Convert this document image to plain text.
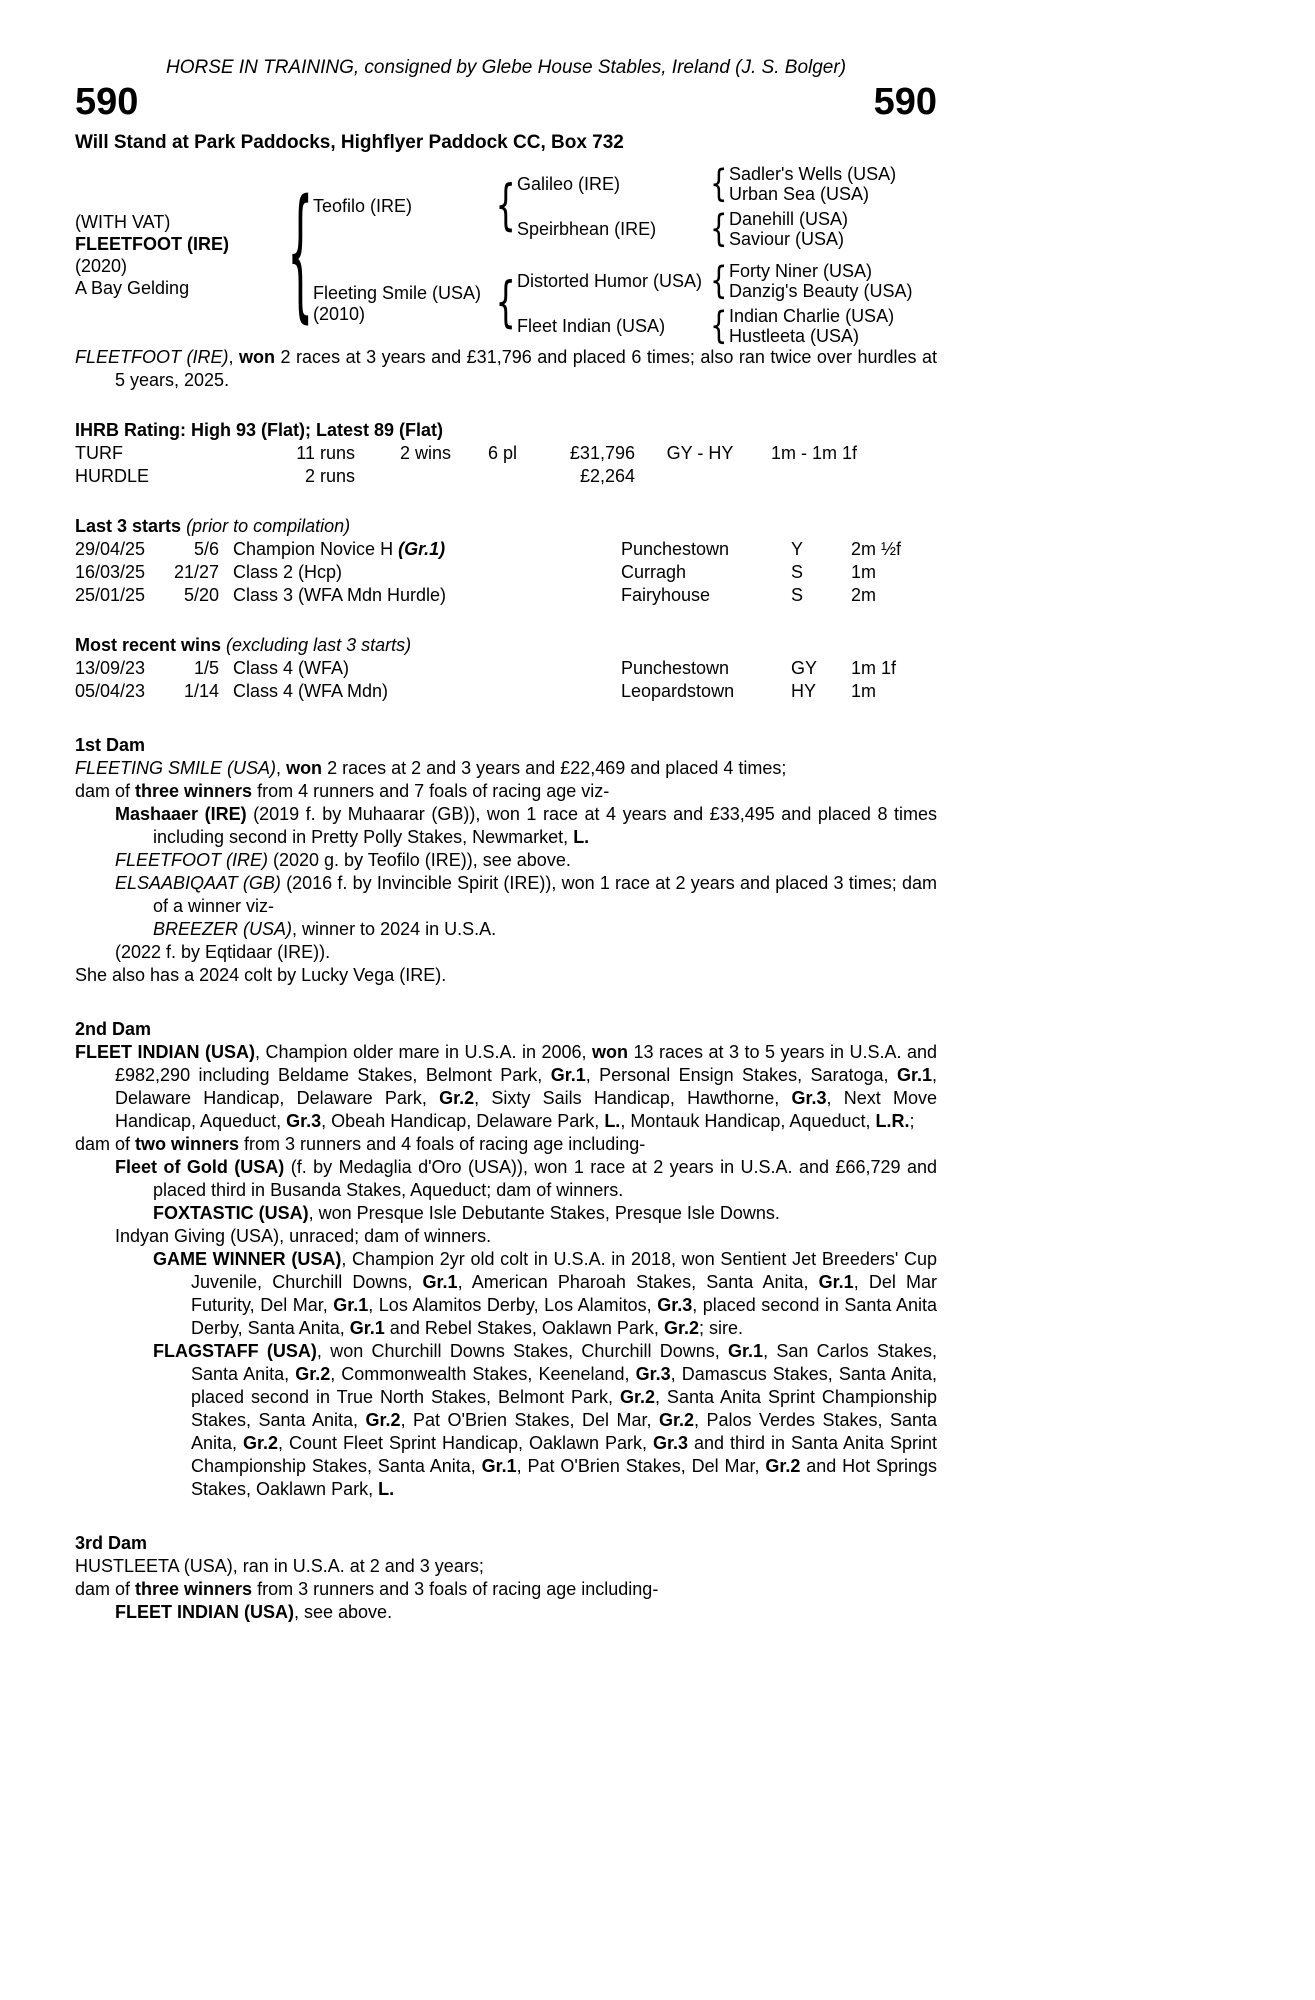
HORSE IN TRAINING, consigned by Glebe House Stables, Ireland (J. S. Bolger)
590	590
Will Stand at Park Paddocks, Highflyer Paddock CC, Box 732
(WITH VAT)
FLEETFOOT (IRE)
(2020)
A Bay Gelding	{ Teofilo (IRE)	{ Galileo (IRE)	{ Sadler's Wells (USA)
Urban Sea (USA)
Speirbhean (IRE)	{ Danehill (USA)
Saviour (USA)
Fleeting Smile (USA)
(2010)	{ Distorted Humor (USA) { Forty Niner (USA)
Danzig's Beauty (USA)
Fleet Indian (USA)	{ Indian Charlie (USA)
Hustleeta (USA)

FLEETFOOT (IRE), won 2 races at 3 years and £31,796 and placed 6 times; also ran twice over hurdles at 5 years, 2025.

IHRB Rating: High 93 (Flat); Latest 89 (Flat)
TURF	11 runs	2 wins	6 pl	£31,796	GY - HY	1m - 1m 1f
HURDLE	2 runs	£2,264
Last 3 starts (prior to compilation)
29/04/25	5/6 Champion Novice H (Gr.1)	Punchestown	Y	2m ½f
16/03/25	21/27 Class 2 (Hcp)	Curragh	S	1m
25/01/25	5/20 Class 3 (WFA Mdn Hurdle)	Fairyhouse	S	2m
Most recent wins (excluding last 3 starts)
13/09/23	1/5 Class 4 (WFA)	Punchestown	GY	1m 1f
05/04/23	1/14 Class 4 (WFA Mdn)	Leopardstown	HY	1m
1st Dam

FLEETING SMILE (USA), won 2 races at 2 and 3 years and £22,469 and placed 4 times;

dam of three winners from 4 runners and 7 foals of racing age viz-

Mashaaer (IRE) (2019 f. by Muhaarar (GB)), won 1 race at 4 years and £33,495 and placed 8 times including second in Pretty Polly Stakes, Newmarket, L.

FLEETFOOT (IRE) (2020 g. by Teofilo (IRE)), see above.

ELSAABIQAAT (GB) (2016 f. by Invincible Spirit (IRE)), won 1 race at 2 years and placed 3 times; dam of a winner viz-

BREEZER (USA), winner to 2024 in U.S.A.

(2022 f. by Eqtidaar (IRE)).

She also has a 2024 colt by Lucky Vega (IRE).

2nd Dam

FLEET INDIAN (USA), Champion older mare in U.S.A. in 2006, won 13 races at 3 to 5 years in U.S.A. and £982,290 including Beldame Stakes, Belmont Park, Gr.1, Personal Ensign Stakes, Saratoga, Gr.1, Delaware Handicap, Delaware Park, Gr.2, Sixty Sails Handicap, Hawthorne, Gr.3, Next Move Handicap, Aqueduct, Gr.3, Obeah Handicap, Delaware Park, L., Montauk Handicap, Aqueduct, L.R.;

dam of two winners from 3 runners and 4 foals of racing age including-

Fleet of Gold (USA) (f. by Medaglia d'Oro (USA)), won 1 race at 2 years in U.S.A. and £66,729 and placed third in Busanda Stakes, Aqueduct; dam of winners.

FOXTASTIC (USA), won Presque Isle Debutante Stakes, Presque Isle Downs.

Indyan Giving (USA), unraced; dam of winners.

GAME WINNER (USA), Champion 2yr old colt in U.S.A. in 2018, won Sentient Jet Breeders' Cup Juvenile, Churchill Downs, Gr.1, American Pharoah Stakes, Santa Anita, Gr.1, Del Mar Futurity, Del Mar, Gr.1, Los Alamitos Derby, Los Alamitos, Gr.3, placed second in Santa Anita Derby, Santa Anita, Gr.1 and Rebel Stakes, Oaklawn Park, Gr.2; sire.

FLAGSTAFF (USA), won Churchill Downs Stakes, Churchill Downs, Gr.1, San Carlos Stakes, Santa Anita, Gr.2, Commonwealth Stakes, Keeneland, Gr.3, Damascus Stakes, Santa Anita, placed second in True North Stakes, Belmont Park, Gr.2, Santa Anita Sprint Championship Stakes, Santa Anita, Gr.2, Pat O'Brien Stakes, Del Mar, Gr.2, Palos Verdes Stakes, Santa Anita, Gr.2, Count Fleet Sprint Handicap, Oaklawn Park, Gr.3 and third in Santa Anita Sprint Championship Stakes, Santa Anita, Gr.1, Pat O'Brien Stakes, Del Mar, Gr.2 and Hot Springs Stakes, Oaklawn Park, L.

3rd Dam

HUSTLEETA (USA), ran in U.S.A. at 2 and 3 years;

dam of three winners from 3 runners and 3 foals of racing age including-

FLEET INDIAN (USA), see above.
